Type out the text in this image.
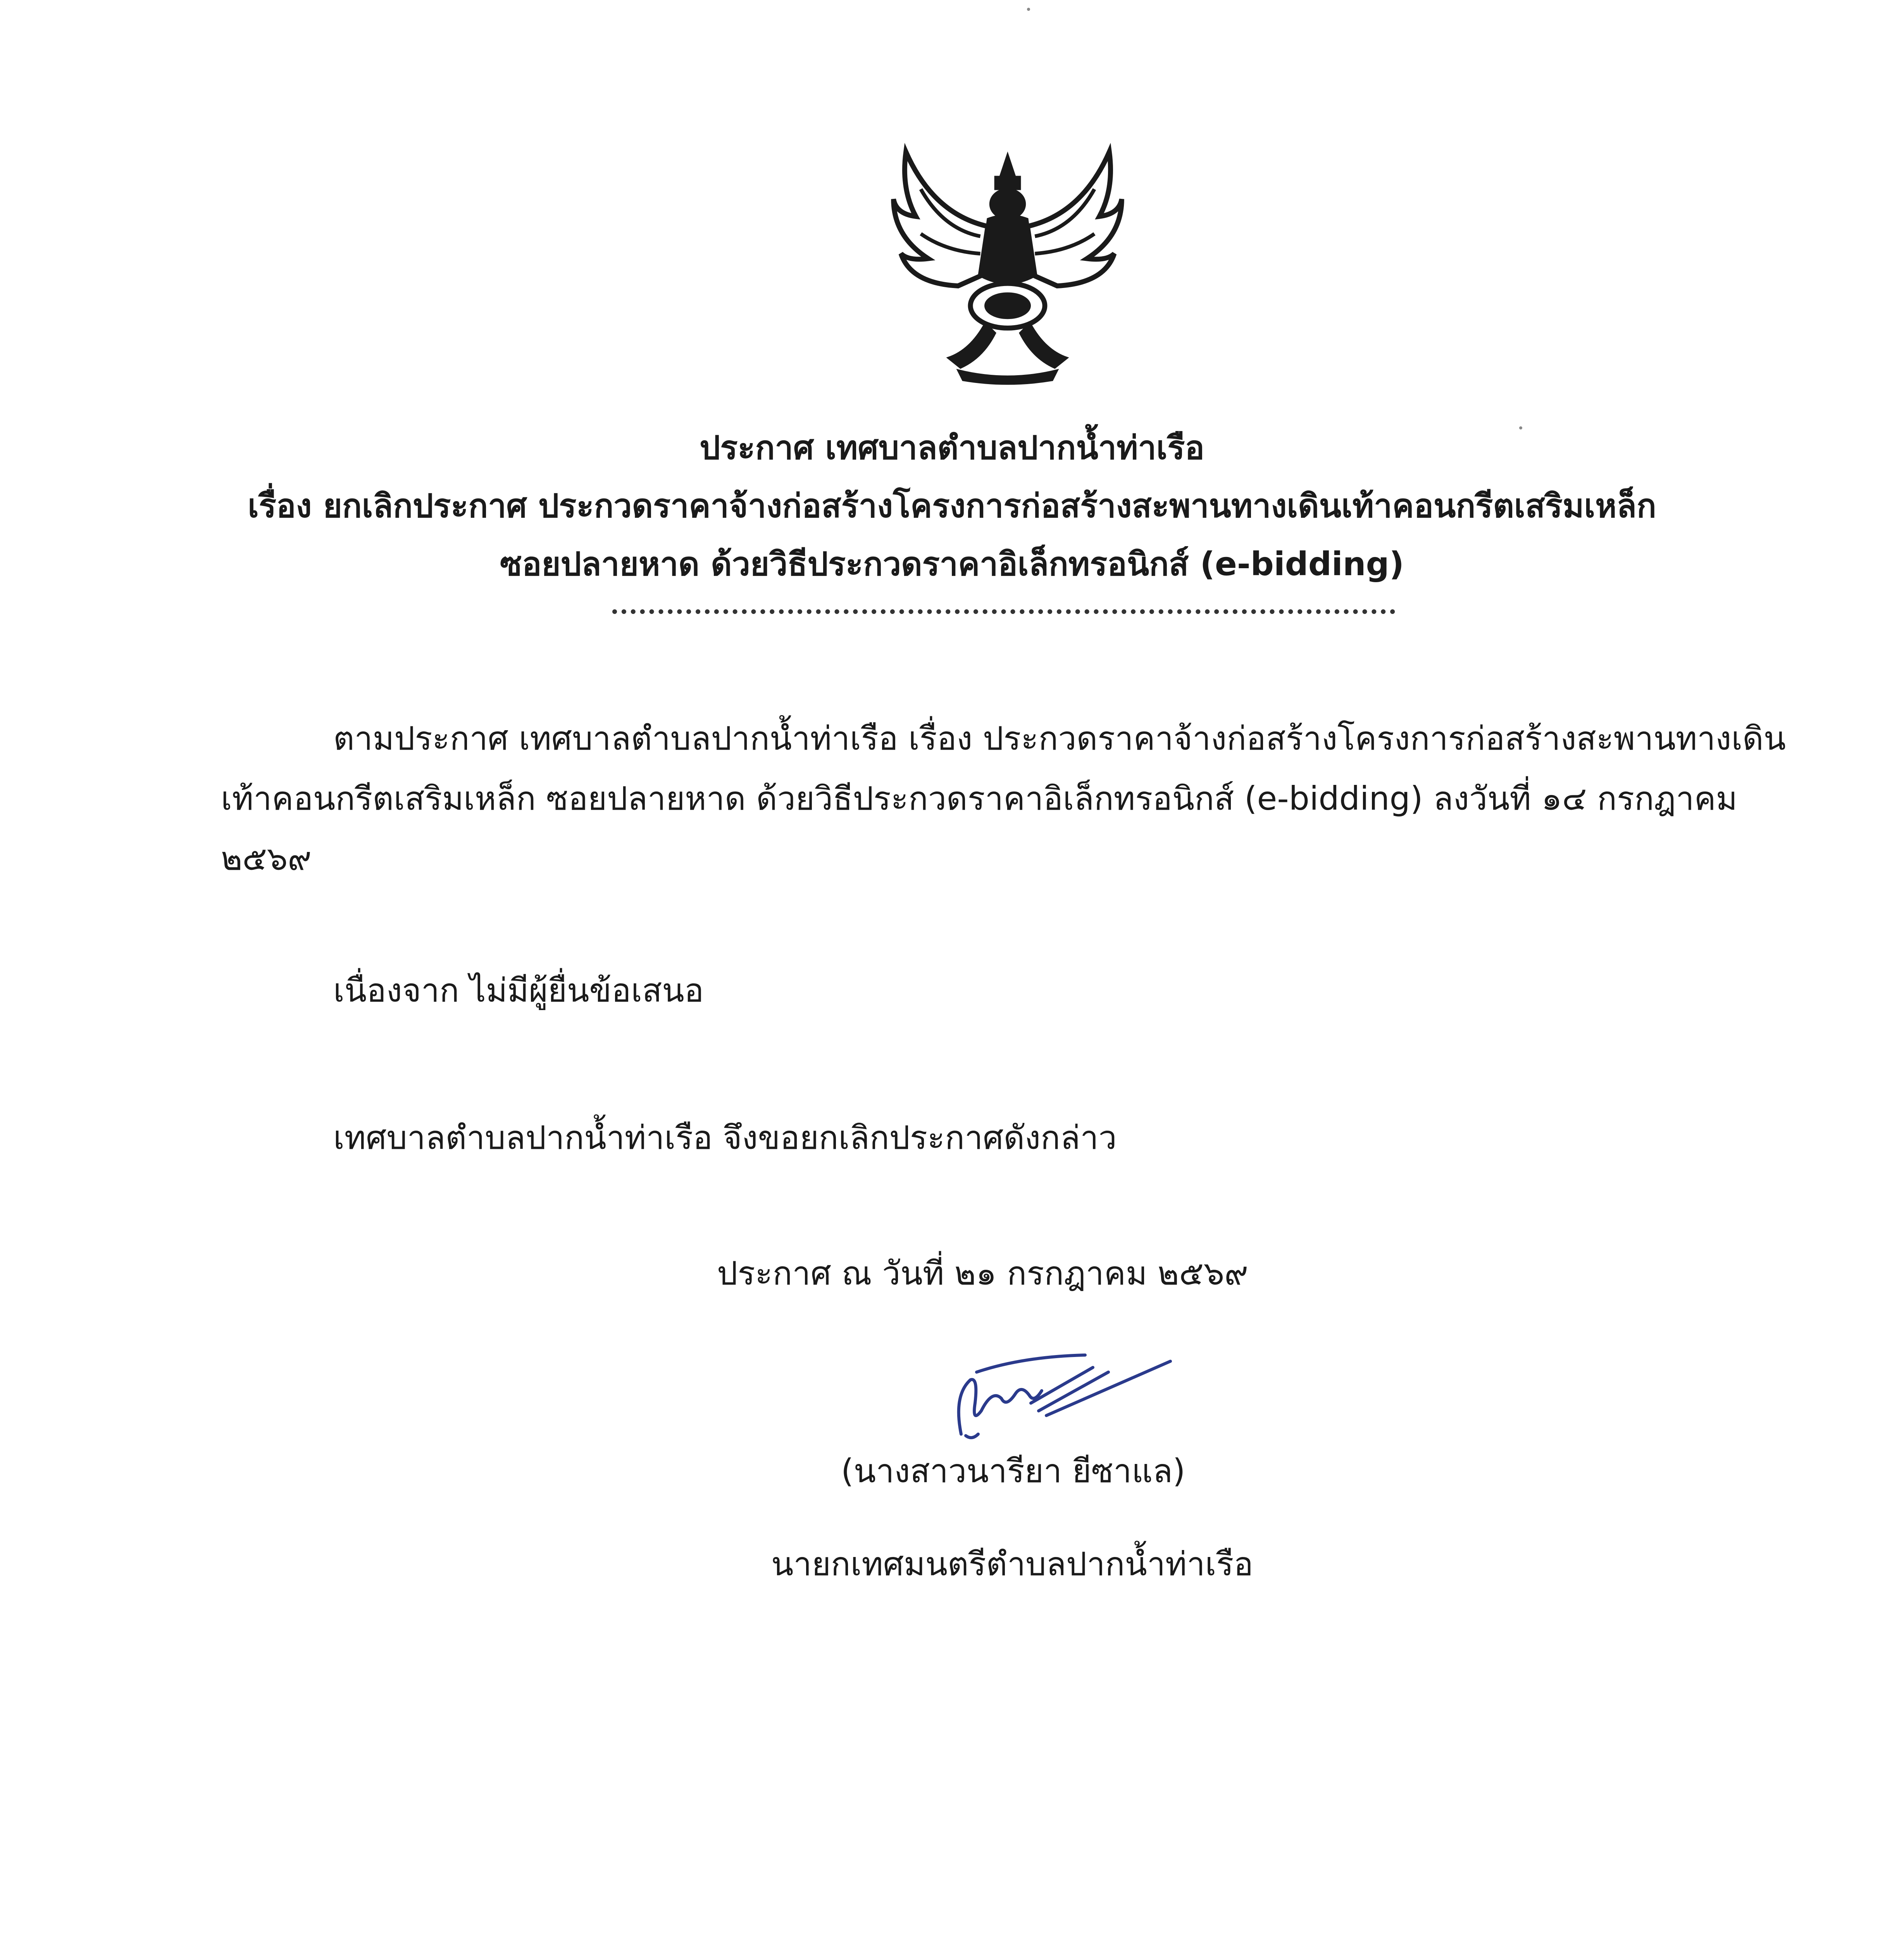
ประกาศ เทศบาลตำบลปากน้ำท่าเรือ
เรื่อง ยกเลิกประกาศ ประกวดราคาจ้างก่อสร้างโครงการก่อสร้างสะพานทางเดินเท้าคอนกรีตเสริมเหล็ก
ซอยปลายหาด ด้วยวิธีประกวดราคาอิเล็กทรอนิกส์ (e-bidding)
ตามประกาศ เทศบาลตำบลปากน้ำท่าเรือ เรื่อง ประกวดราคาจ้างก่อสร้างโครงการก่อสร้างสะพานทางเดิน
เท้าคอนกรีตเสริมเหล็ก ซอยปลายหาด ด้วยวิธีประกวดราคาอิเล็กทรอนิกส์ (e-bidding) ลงวันที่ ๑๔ กรกฎาคม
๒๕๖๙
เนื่องจาก ไม่มีผู้ยื่นข้อเสนอ
เทศบาลตำบลปากน้ำท่าเรือ จึงขอยกเลิกประกาศดังกล่าว
ประกาศ ณ วันที่ ๒๑ กรกฎาคม ๒๕๖๙
(นางสาวนารียา ยีซาแล)
นายกเทศมนตรีตำบลปากน้ำท่าเรือ
